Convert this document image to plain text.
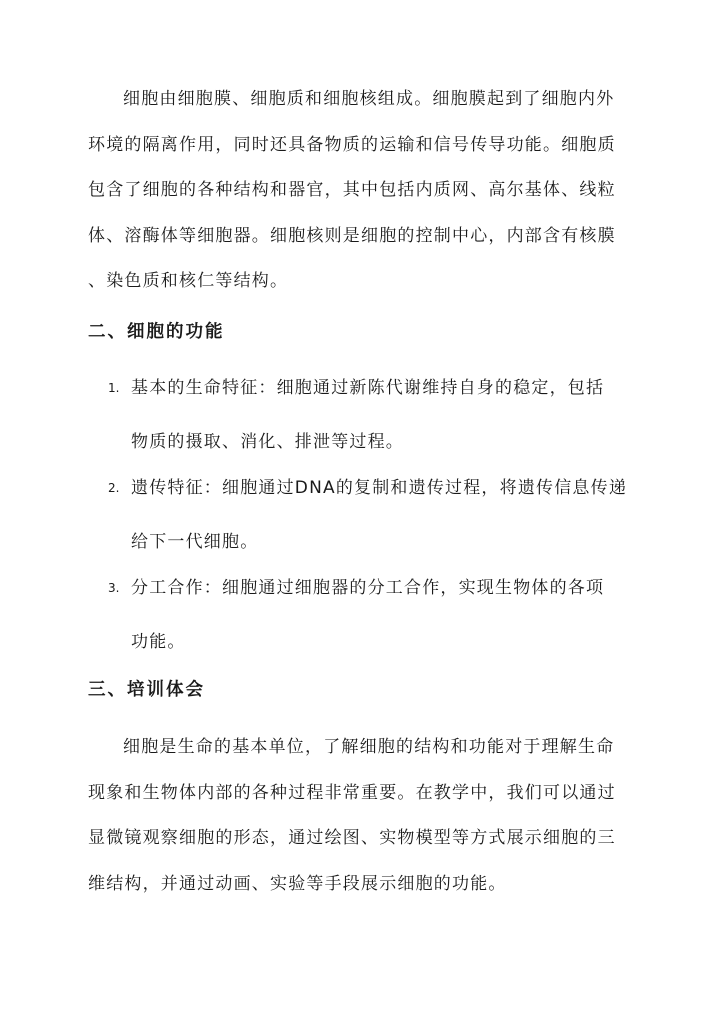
细胞由细胞膜、细胞质和细胞核组成。细胞膜起到了细胞内外
环境的隔离作用，同时还具备物质的运输和信号传导功能。细胞质
包含了细胞的各种结构和器官，其中包括内质网、高尔基体、线粒
体、溶酶体等细胞器。细胞核则是细胞的控制中心，内部含有核膜
、染色质和核仁等结构。

二、细胞的功能
1. 基本的生命特征：细胞通过新陈代谢维持自身的稳定，包括
物质的摄取、消化、排泄等过程。
2. 遗传特征：细胞通过DNA的复制和遗传过程，将遗传信息传递
给下一代细胞。
3. 分工合作：细胞通过细胞器的分工合作，实现生物体的各项
功能。
三、培训体会

细胞是生命的基本单位，了解细胞的结构和功能对于理解生命
现象和生物体内部的各种过程非常重要。在教学中，我们可以通过
显微镜观察细胞的形态，通过绘图、实物模型等方式展示细胞的三
维结构，并通过动画、实验等手段展示细胞的功能。
